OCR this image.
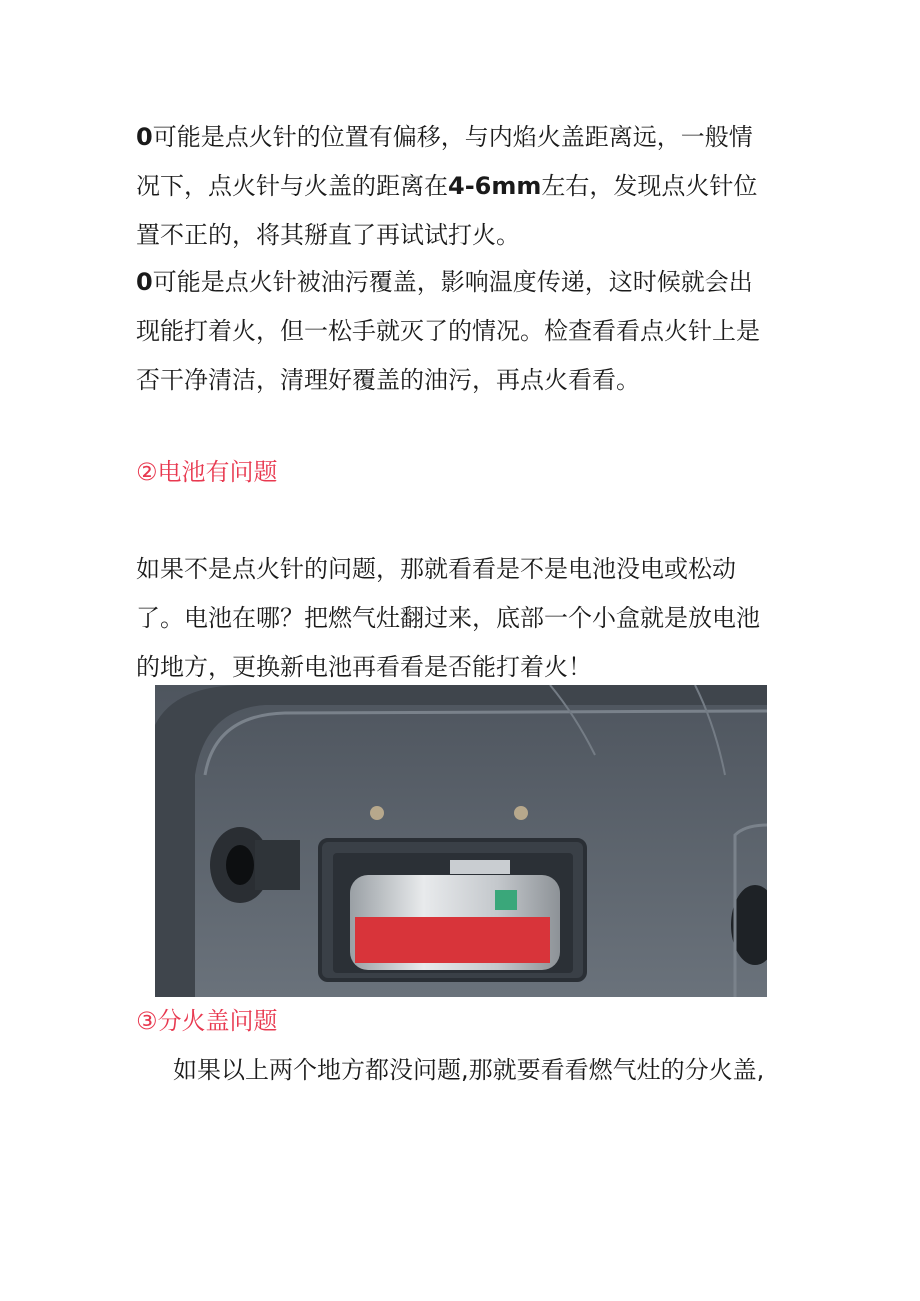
0可能是点火针的位置有偏移，与内焰火盖距离远，一般情
况下，点火针与火盖的距离在4-6mm左右，发现点火针位
置不正的，将其掰直了再试试打火。
0可能是点火针被油污覆盖，影响温度传递，这时候就会出
现能打着火，但一松手就灭了的情况。检查看看点火针上是
否干净清洁，清理好覆盖的油污，再点火看看。
②电池有问题
如果不是点火针的问题，那就看看是不是电池没电或松动
了。电池在哪？把燃气灶翻过来，底部一个小盒就是放电池
的地方，更换新电池再看看是否能打着火！
③分火盖问题
如果以上两个地方都没问题,那就要看看燃气灶的分火盖,
